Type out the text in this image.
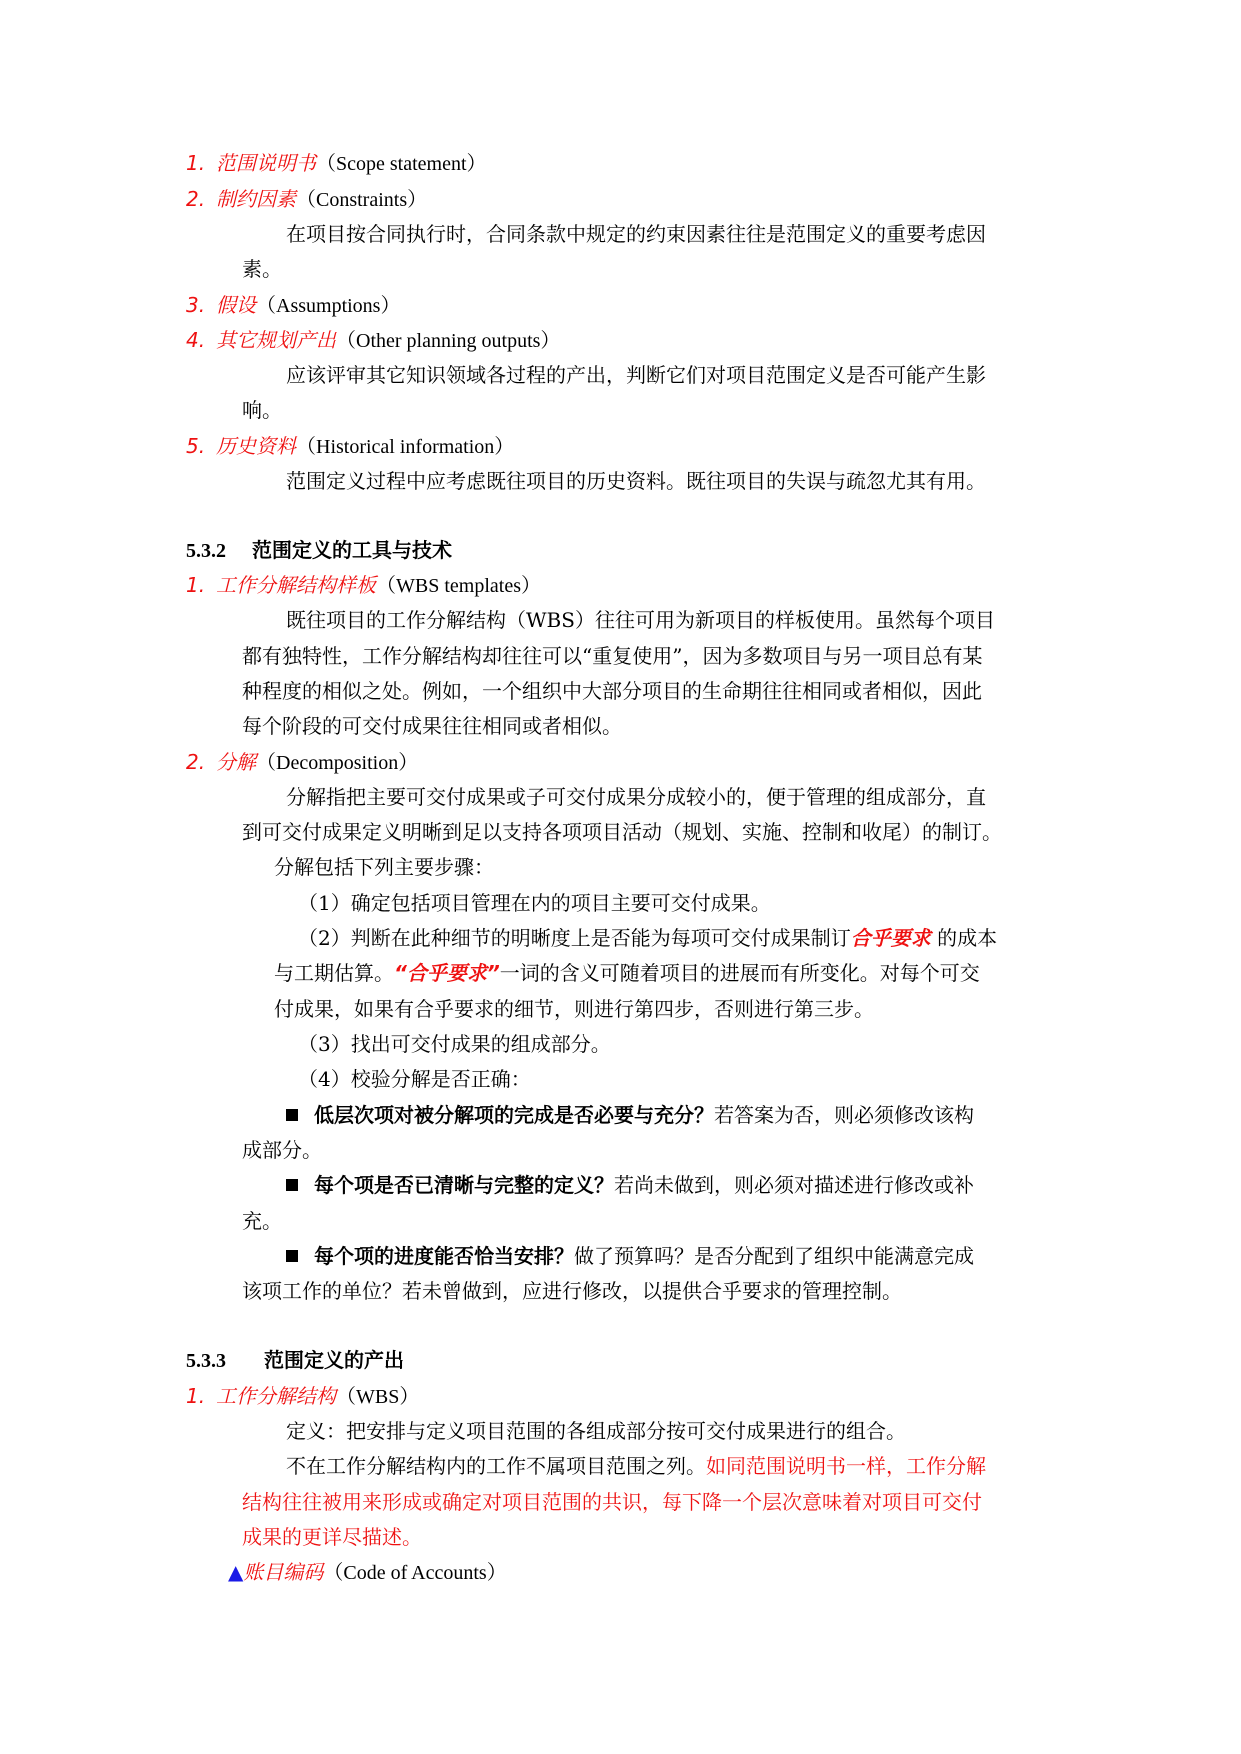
1. 范围说明书（Scope statement）
2. 制约因素（Constraints）
在项目按合同执行时，合同条款中规定的约束因素往往是范围定义的重要考虑因
素。
3. 假设（Assumptions）
4. 其它规划产出（Other planning outputs）
应该评审其它知识领域各过程的产出，判断它们对项目范围定义是否可能产生影
响。
5. 历史资料（Historical information）
范围定义过程中应考虑既往项目的历史资料。既往项目的失误与疏忽尤其有用。
5.3.2 范围定义的工具与技术
1. 工作分解结构样板（WBS templates）
既往项目的工作分解结构（WBS）往往可用为新项目的样板使用。虽然每个项目
都有独特性，工作分解结构却往往可以“重复使用”，因为多数项目与另一项目总有某
种程度的相似之处。例如，一个组织中大部分项目的生命期往往相同或者相似，因此
每个阶段的可交付成果往往相同或者相似。
2. 分解（Decomposition）
分解指把主要可交付成果或子可交付成果分成较小的，便于管理的组成部分，直
到可交付成果定义明晰到足以支持各项项目活动（规划、实施、控制和收尾）的制订。
分解包括下列主要步骤：
（1）确定包括项目管理在内的项目主要可交付成果。
（2）判断在此种细节的明晰度上是否能为每项可交付成果制订合乎要求 的成本
与工期估算。“合乎要求”一词的含义可随着项目的进展而有所变化。对每个可交
付成果，如果有合乎要求的细节，则进行第四步，否则进行第三步。
（3）找出可交付成果的组成部分。
（4）校验分解是否正确：
低层次项对被分解项的完成是否必要与充分？若答案为否，则必须修改该构
成部分。
每个项是否已清晰与完整的定义？若尚未做到，则必须对描述进行修改或补
充。
每个项的进度能否恰当安排？做了预算吗？是否分配到了组织中能满意完成
该项工作的单位？若未曾做到，应进行修改，以提供合乎要求的管理控制。
5.3.3 范围定义的产出
1. 工作分解结构（WBS）
定义：把安排与定义项目范围的各组成部分按可交付成果进行的组合。
不在工作分解结构内的工作不属项目范围之列。如同范围说明书一样，工作分解
结构往往被用来形成或确定对项目范围的共识，每下降一个层次意味着对项目可交付
成果的更详尽描述。
▲账目编码（Code of Accounts）
